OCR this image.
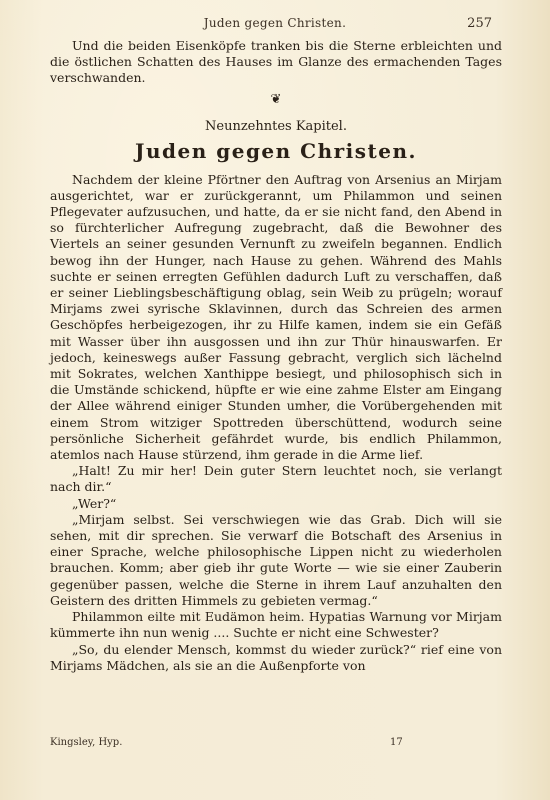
Juden gegen Christen.	257

Und die beiden Eisenköpfe tranken bis die Sterne erbleichten und die östlichen Schatten des Hauses im Glanze des ermachenden Tages verschwanden.

❦

Neunzehntes Kapitel.

Juden gegen Christen.

Nachdem der kleine Pförtner den Auftrag von Arsenius an Mirjam ausgerichtet, war er zurückgerannt, um Philammon und seinen Pflegevater aufzusuchen, und hatte, da er sie nicht fand, den Abend in so fürchterlicher Aufregung zugebracht, daß die Bewohner des Viertels an seiner gesunden Vernunft zu zweifeln begannen. Endlich bewog ihn der Hunger, nach Hause zu gehen. Während des Mahls suchte er seinen erregten Gefühlen dadurch Luft zu verschaffen, daß er seiner Lieblingsbeschäftigung oblag, sein Weib zu prügeln; worauf Mirjams zwei syrische Sklavinnen, durch das Schreien des armen Geschöpfes herbeigezogen, ihr zu Hilfe kamen, indem sie ein Gefäß mit Wasser über ihn ausgossen und ihn zur Thür hinauswarfen. Er jedoch, keineswegs außer Fassung gebracht, verglich sich lächelnd mit Sokrates, welchen Xanthippe besiegt, und philosophisch sich in die Umstände schickend, hüpfte er wie eine zahme Elster am Eingang der Allee während einiger Stunden umher, die Vorübergehenden mit einem Strom witziger Spottreden überschüttend, wodurch seine persönliche Sicherheit gefährdet wurde, bis endlich Philammon, atemlos nach Hause stürzend, ihm gerade in die Arme lief.

„Halt! Zu mir her! Dein guter Stern leuchtet noch, sie verlangt nach dir.“

„Wer?“

„Mirjam selbst. Sei verschwiegen wie das Grab. Dich will sie sehen, mit dir sprechen. Sie verwarf die Botschaft des Arsenius in einer Sprache, welche philosophische Lippen nicht zu wiederholen brauchen. Komm; aber gieb ihr gute Worte — wie sie einer Zauberin gegenüber passen, welche die Sterne in ihrem Lauf anzuhalten den Geistern des dritten Himmels zu gebieten vermag.“

Philammon eilte mit Eudämon heim. Hypatias Warnung vor Mirjam kümmerte ihn nun wenig .... Suchte er nicht eine Schwester?

„So, du elender Mensch, kommst du wieder zurück?“ rief eine von Mirjams Mädchen, als sie an die Außenpforte von

Kingsley, Hyp.	17
